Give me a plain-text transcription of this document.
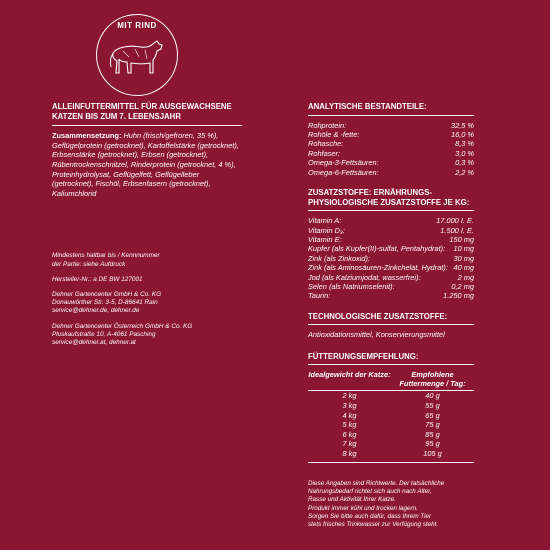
MIT RIND
ALLEINFUTTERMITTEL FÜR AUSGEWACHSENE KATZEN BIS ZUM 7. LEBENSJAHR
Zusammensetzung: Huhn (frisch/gefroren, 35 %), Geflügelprotein (getrocknet), Kartoffelstärke (getrocknet), Erbsenstärke (getrocknet), Erbsen (getrocknet), Rübentrockenschnitzel, Rinderprotein (getrocknet, 4 %), Proteinhydrolysat, Geflügelfett, Geflügelleber (getrocknet), Fischöl, Erbsenfasern (getrocknet), Kaliumchlorid

Mindestens haltbar bis / Kennnummer
der Partie: siehe Aufdruck

Hersteller-Nr.: a DE BW 127001

Dehner Gartencenter GmbH & Co. KG
Donauwörther Str. 3-5, D-86641 Rain
service@dehner.de, dehner.de

Dehner Gartencenter Österreich GmbH & Co. KG
Pluskaufstraße 10, A-4061 Pasching
service@dehner.at, dehner.at

ANALYTISCHE BESTANDTEILE:
Rohprotein:	32,5 %
Rohöle & -fette:	16,0 %
Rohasche:	8,3 %
Rohfaser:	3,0 %
Omega-3-Fettsäuren:	0,3 %
Omega-6-Fettsäuren:	2,2 %
ZUSATZSTOFFE: ERNÄHRUNGS-PHYSIOLOGISCHE ZUSATZSTOFFE JE KG:
Vitamin A:	17.000 I. E.
Vitamin D₃:	1.500 I. E.
Vitamin E:	150 mg
Kupfer (als Kupfer(II)-sulfat, Pentahydrat): 10 mg
Zink (als Zinkoxid):	30 mg
Zink (als Aminosäuren-Zinkchelat, Hydrat): 40 mg
Jod (als Kalziumjodat, wasserfrei):	2 mg
Selen (als Natriumselenit):	0,2 mg
Taurin:	1.250 mg
TECHNOLOGISCHE ZUSATZSTOFFE:

Antioxidationsmittel, Konservierungsmittel

FÜTTERUNGSEMPFEHLUNG:
Idealgewicht der Katze:	Empfohlene Futtermenge / Tag:
2 kg	40 g
3 kg	55 g
4 kg	65 g
5 kg	75 g
6 kg	85 g
7 kg	95 g
8 kg	105 g
Diese Angaben sind Richtwerte. Der tatsächliche
Nahrungsbedarf richtet sich auch nach Alter,
Rasse und Aktivität Ihrer Katze.
Produkt immer kühl und trocken lagern.
Sorgen Sie bitte auch dafür, dass Ihrem Tier
stets frisches Trinkwasser zur Verfügung steht.
